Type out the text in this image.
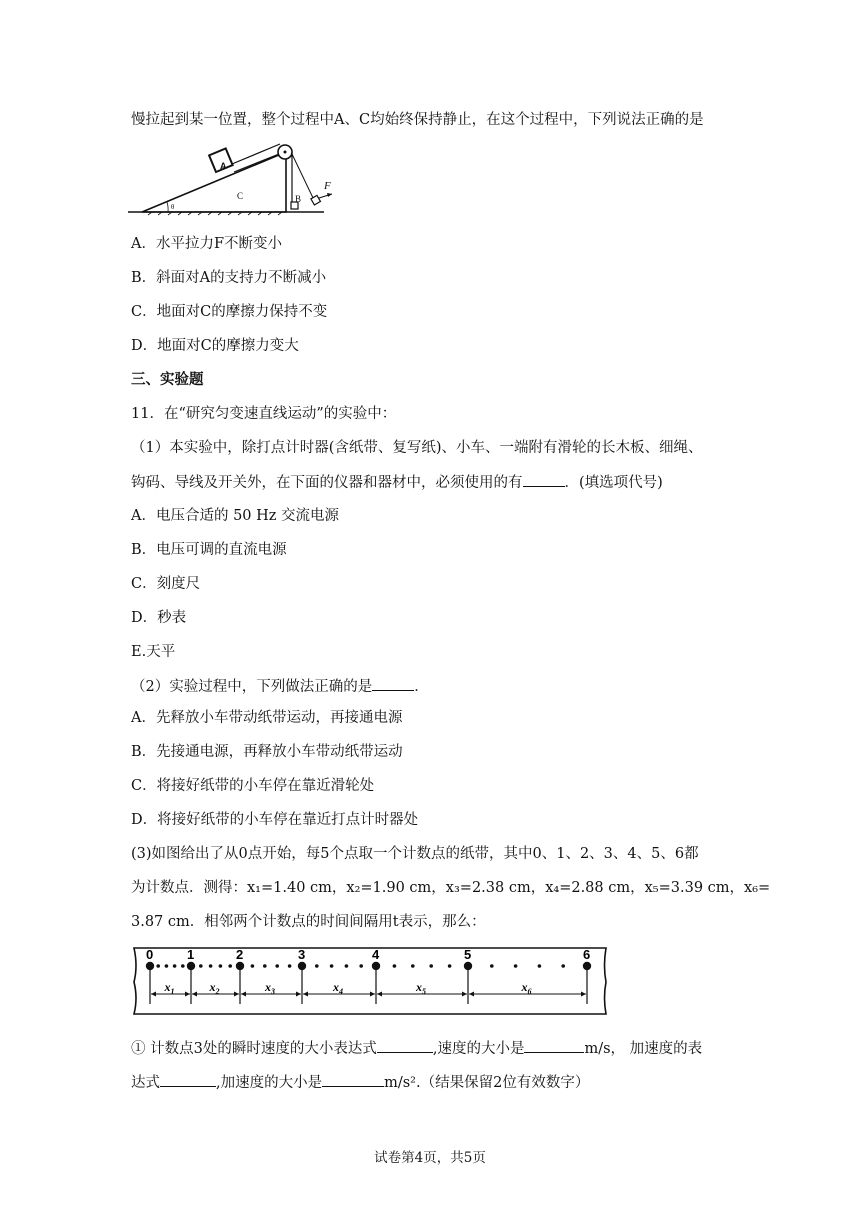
慢拉起到某一位置，整个过程中A、C均始终保持静止，在这个过程中，下列说法正确的是
A
C	B
F
θ
A．水平拉力F不断变小
B．斜面对A的支持力不断减小
C．地面对C的摩擦力保持不变
D．地面对C的摩擦力变大
三、实验题
11．在“研究匀变速直线运动”的实验中：
（1）本实验中，除打点计时器(含纸带、复写纸)、小车、一端附有滑轮的长木板、细绳、
钩码、导线及开关外，在下面的仪器和器材中，必须使用的有	．(填选项代号)
A．电压合适的 50 Hz 交流电源
B．电压可调的直流电源
C．刻度尺
D．秒表
E.天平
（2）实验过程中，下列做法正确的是	．
A．先释放小车带动纸带运动，再接通电源
B．先接通电源，再释放小车带动纸带运动
C．将接好纸带的小车停在靠近滑轮处
D．将接好纸带的小车停在靠近打点计时器处
(3)如图给出了从0点开始，每5个点取一个计数点的纸带，其中0、1、2、3、4、5、6都
为计数点．测得：x₁=1.40 cm，x₂=1.90 cm，x₃=2.38 cm，x₄=2.88 cm，x₅=3.39 cm，x₆=
3.87 cm．相邻两个计数点的时间间隔用t表示，那么：
0	1	2	3	4	5	6
$x_1$	$x_2$	$x_3$	$x_4$	$x_5$	$x_6$
① 计数点3处的瞬时速度的大小表达式	,速度的大小是	m/s， 加速度的表
达式	,加速度的大小是	m/s².（结果保留2位有效数字）
试卷第4页，共5页
